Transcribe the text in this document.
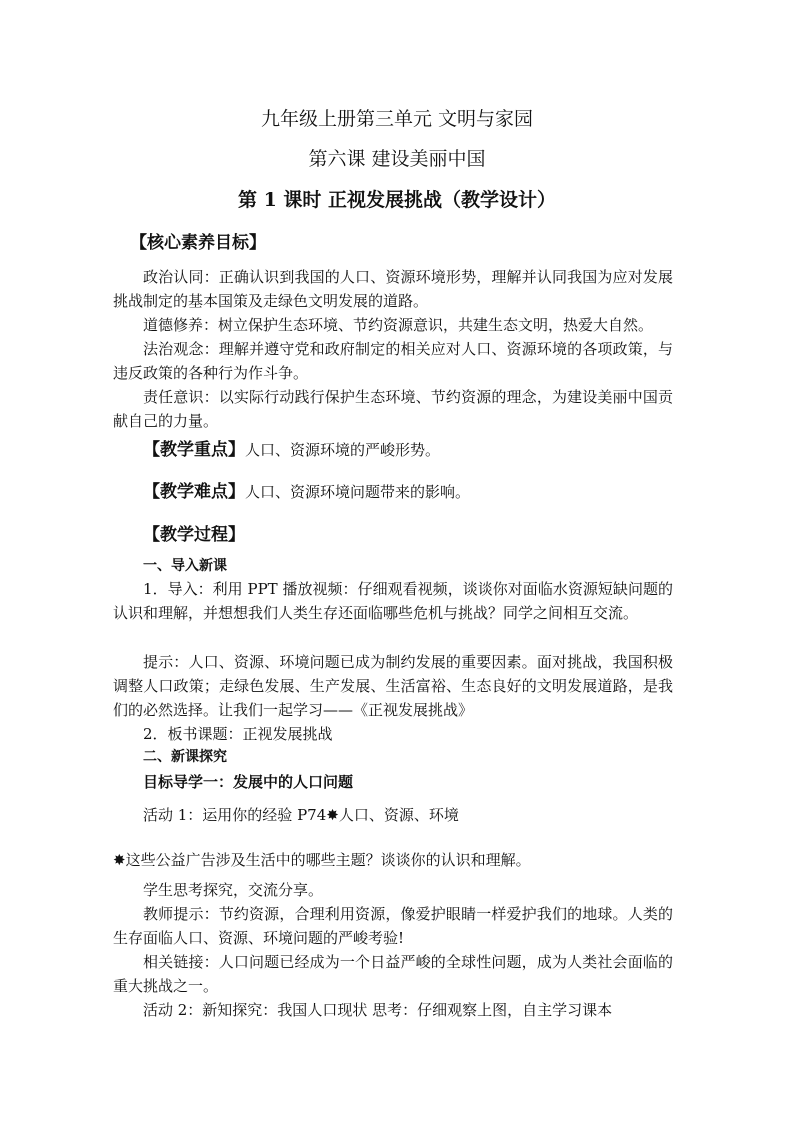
九年级上册第三单元 文明与家园
第六课 建设美丽中国
第 1 课时 正视发展挑战（教学设计）
【核心素养目标】
政治认同：正确认识到我国的人口、资源环境形势，理解并认同我国为应对发展挑战制定的基本国策及走绿色文明发展的道路。
道德修养：树立保护生态环境、节约资源意识，共建生态文明，热爱大自然。
法治观念：理解并遵守党和政府制定的相关应对人口、资源环境的各项政策，与违反政策的各种行为作斗争。
责任意识：以实际行动践行保护生态环境、节约资源的理念，为建设美丽中国贡献自己的力量。
【教学重点】人口、资源环境的严峻形势。
【教学难点】人口、资源环境问题带来的影响。
【教学过程】
一、导入新课
1．导入：利用 PPT 播放视频：仔细观看视频，谈谈你对面临水资源短缺问题的认识和理解，并想想我们人类生存还面临哪些危机与挑战？同学之间相互交流。
提示：人口、资源、环境问题已成为制约发展的重要因素。面对挑战，我国积极调整人口政策；走绿色发展、生产发展、生活富裕、生态良好的文明发展道路，是我们的必然选择。让我们一起学习——《正视发展挑战》
2．板书课题：正视发展挑战
二、新课探究
目标导学一：发展中的人口问题
活动 1：运用你的经验 P74✸人口、资源、环境
✸这些公益广告涉及生活中的哪些主题？谈谈你的认识和理解。
学生思考探究，交流分享。
教师提示：节约资源，合理利用资源，像爱护眼睛一样爱护我们的地球。人类的生存面临人口、资源、环境问题的严峻考验!
相关链接：人口问题已经成为一个日益严峻的全球性问题，成为人类社会面临的重大挑战之一。
活动 2：新知探究：我国人口现状 思考：仔细观察上图，自主学习课本
